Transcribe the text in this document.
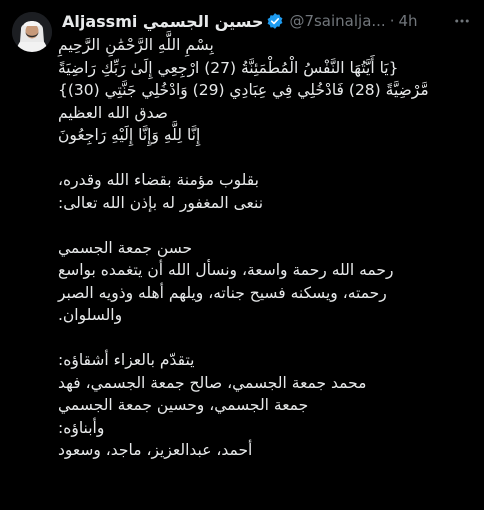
Aljassmi حسين الجسمي @7sainalja... · 4h
بِسْمِ اللَّهِ الرَّحْمَٰنِ الرَّحِيمِ
{يَا أَيَّتُهَا النَّفْسُ الْمُطْمَئِنَّةُ (27) ارْجِعِي إِلَىٰ رَبِّكِ رَاضِيَةً
مَّرْضِيَّةً (28) فَادْخُلِي فِي عِبَادِي (29) وَادْخُلِي جَنَّتِي (30)}
صدق الله العظيم
إِنَّا لِلَّهِ وَإِنَّا إِلَيْهِ رَاجِعُونَ
بقلوب مؤمنة بقضاء الله وقدره،
ننعى المغفور له بإذن الله تعالى:
حسن جمعة الجسمي
رحمه الله رحمة واسعة، ونسأل الله أن يتغمده بواسع
رحمته، ويسكنه فسيح جناته، ويلهم أهله وذويه الصبر
والسلوان.
يتقدّم بالعزاء أشقاؤه:
محمد جمعة الجسمي، صالح جمعة الجسمي، فهد
جمعة الجسمي، وحسين جمعة الجسمي
وأبناؤه:
أحمد، عبدالعزيز، ماجد، وسعود
